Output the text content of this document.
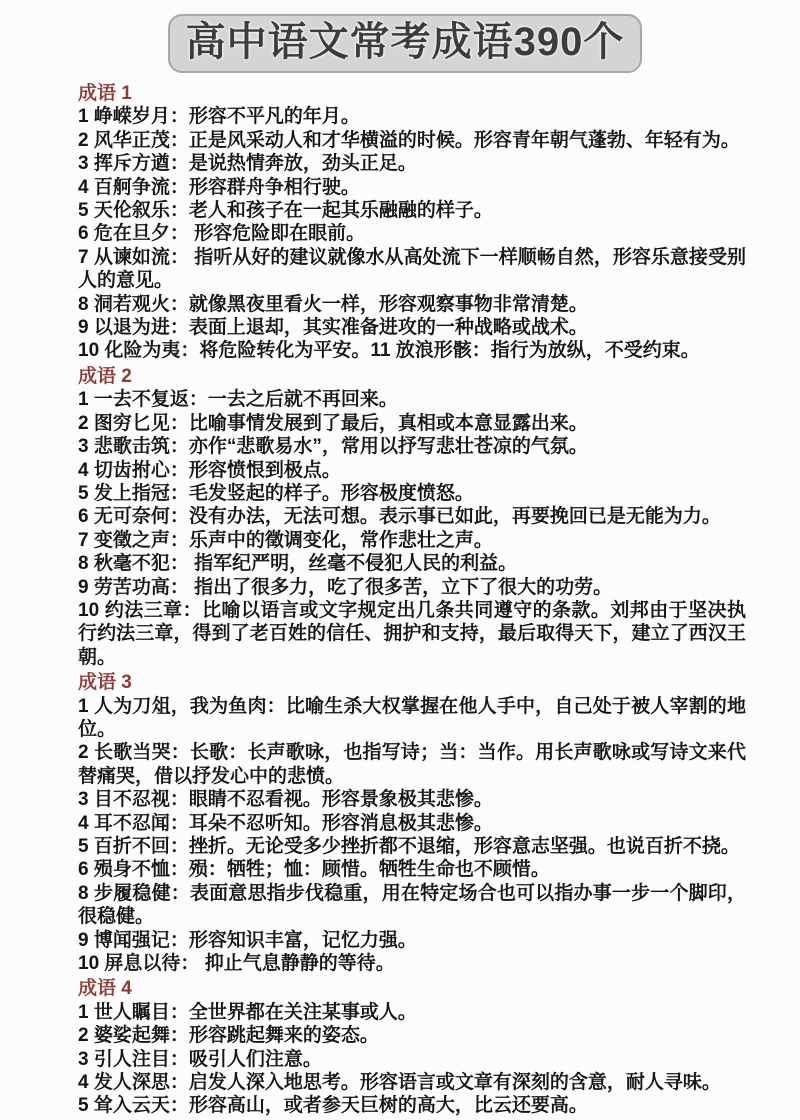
高中语文常考成语390个
成语 1

1 峥嵘岁月：形容不平凡的年月。

2 风华正茂：正是风采动人和才华横溢的时候。形容青年朝气蓬勃、年轻有为。

3 挥斥方遒：是说热情奔放，劲头正足。

4 百舸争流：形容群舟争相行驶。

5 天伦叙乐：老人和孩子在一起其乐融融的样子。

6 危在旦夕： 形容危险即在眼前。

7 从谏如流： 指听从好的建议就像水从高处流下一样顺畅自然，形容乐意接受别人的意见。

8 洞若观火：就像黑夜里看火一样，形容观察事物非常清楚。

9 以退为进：表面上退却，其实准备进攻的一种战略或战术。

10 化险为夷：将危险转化为平安。11 放浪形骸：指行为放纵，不受约束。

成语 2

1 一去不复返：一去之后就不再回来。

2 图穷匕见：比喻事情发展到了最后，真相或本意显露出来。

3 悲歌击筑：亦作“悲歌易水”，常用以抒写悲壮苍凉的气氛。

4 切齿拊心：形容愤恨到极点。

5 发上指冠：毛发竖起的样子。形容极度愤怒。

6 无可奈何：没有办法，无法可想。表示事已如此，再要挽回已是无能为力。

7 变徵之声：乐声中的徵调变化，常作悲壮之声。

8 秋毫不犯： 指军纪严明，丝毫不侵犯人民的利益。

9 劳苦功高： 指出了很多力，吃了很多苦，立下了很大的功劳。

10 约法三章：比喻以语言或文字规定出几条共同遵守的条款。刘邦由于坚决执行约法三章，得到了老百姓的信任、拥护和支持，最后取得天下，建立了西汉王朝。

成语 3

1 人为刀俎，我为鱼肉：比喻生杀大权掌握在他人手中，自己处于被人宰割的地位。

2 长歌当哭：长歌：长声歌咏，也指写诗；当：当作。用长声歌咏或写诗文来代替痛哭，借以抒发心中的悲愤。

3 目不忍视：眼睛不忍看视。形容景象极其悲惨。

4 耳不忍闻：耳朵不忍听知。形容消息极其悲惨。

5 百折不回：挫折。无论受多少挫折都不退缩，形容意志坚强。也说百折不挠。

6 殒身不恤：殒：牺牲；恤：顾惜。牺牲生命也不顾惜。

8 步履稳健：表面意思指步伐稳重，用在特定场合也可以指办事一步一个脚印，很稳健。

9 博闻强记：形容知识丰富，记忆力强。

10 屏息以待： 抑止气息静静的等待。

成语 4

1 世人瞩目：全世界都在关注某事或人。

2 婆娑起舞：形容跳起舞来的姿态。

3 引人注目：吸引人们注意。

4 发人深思：启发人深入地思考。形容语言或文章有深刻的含意，耐人寻味。

5 耸入云天：形容高山，或者参天巨树的高大，比云还要高。
